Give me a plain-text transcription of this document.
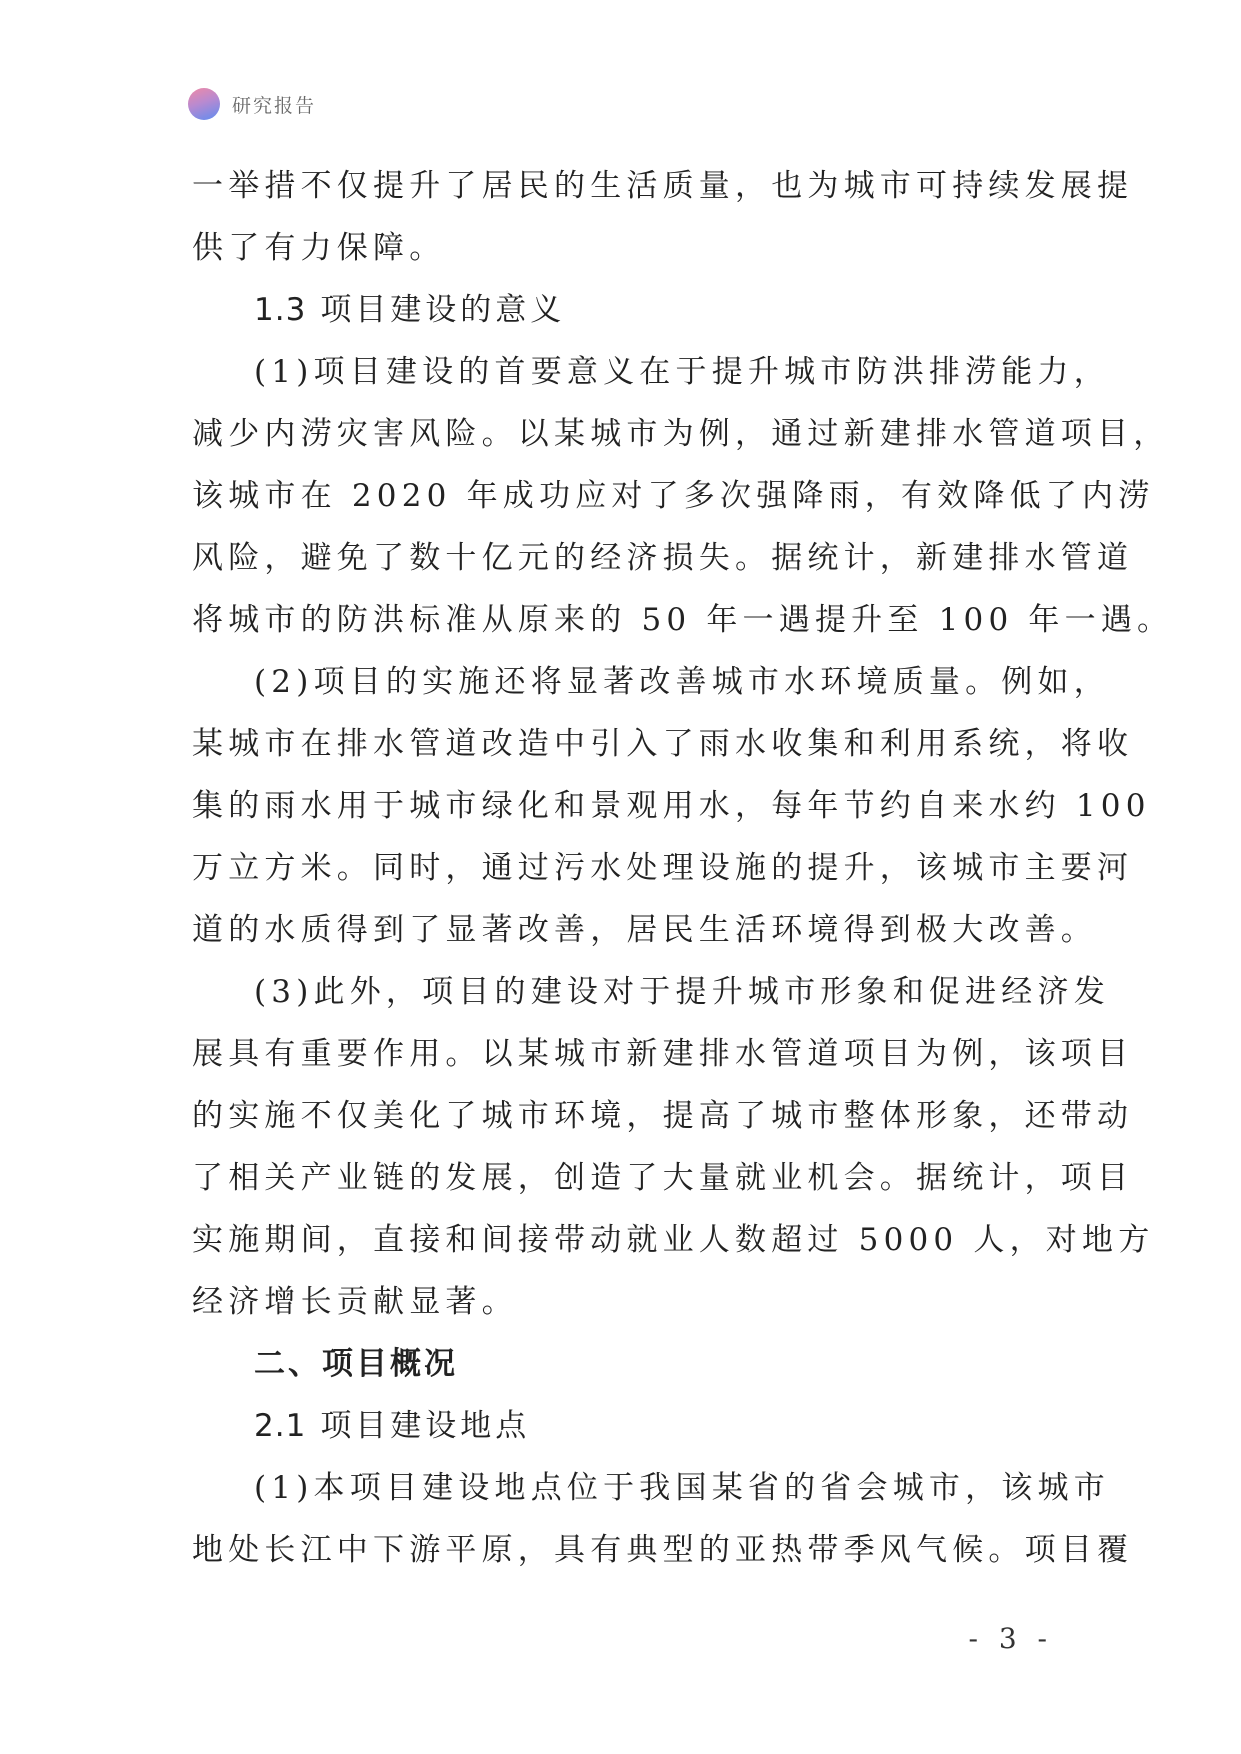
研究报告
一举措不仅提升了居民的生活质量，也为城市可持续发展提
供了有力保障。
1.3 项目建设的意义
(1)项目建设的首要意义在于提升城市防洪排涝能力，
减少内涝灾害风险。以某城市为例，通过新建排水管道项目，
该城市在 2020 年成功应对了多次强降雨，有效降低了内涝
风险，避免了数十亿元的经济损失。据统计，新建排水管道
将城市的防洪标准从原来的 50 年一遇提升至 100 年一遇。
(2)项目的实施还将显著改善城市水环境质量。例如，
某城市在排水管道改造中引入了雨水收集和利用系统，将收
集的雨水用于城市绿化和景观用水，每年节约自来水约 100
万立方米。同时，通过污水处理设施的提升，该城市主要河
道的水质得到了显著改善，居民生活环境得到极大改善。
(3)此外，项目的建设对于提升城市形象和促进经济发
展具有重要作用。以某城市新建排水管道项目为例，该项目
的实施不仅美化了城市环境，提高了城市整体形象，还带动
了相关产业链的发展，创造了大量就业机会。据统计，项目
实施期间，直接和间接带动就业人数超过 5000 人，对地方
经济增长贡献显著。
二、项目概况
2.1 项目建设地点
(1)本项目建设地点位于我国某省的省会城市，该城市
地处长江中下游平原，具有典型的亚热带季风气候。项目覆
- 3 -
